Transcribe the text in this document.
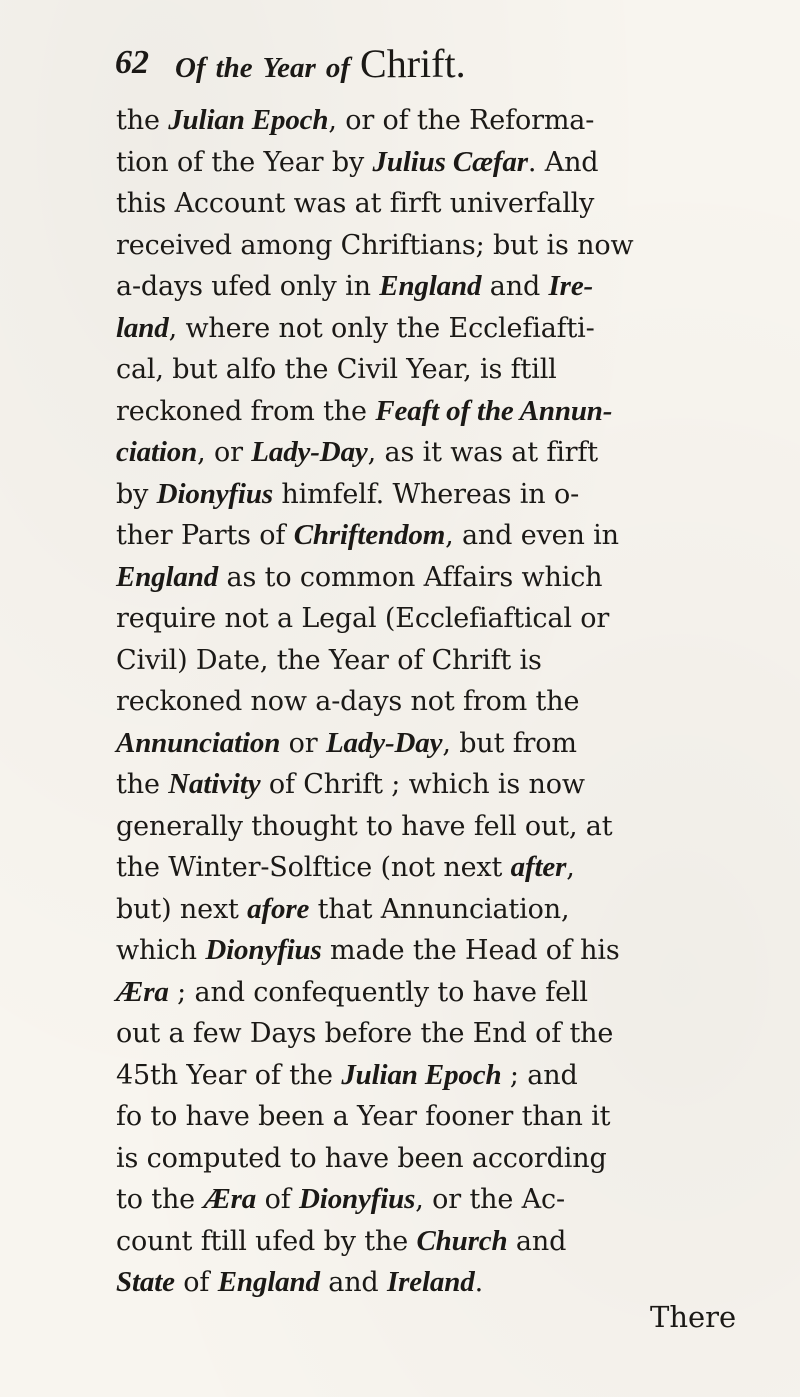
62 Of the Year of Chrift.
the Julian Epoch, or of the Reforma-
tion of the Year by Julius Cæfar. And
this Account was at firft univerfally
received among Chriftians; but is now
a-days ufed only in England and Ire-
land, where not only the Ecclefiafti-
cal, but alfo the Civil Year, is ftill
reckoned from the Feaft of the Annun-
ciation, or Lady-Day, as it was at firft
by Dionyfius himfelf. Whereas in o-
ther Parts of Chriftendom, and even in
England as to common Affairs which
require not a Legal (Ecclefiaftical or
Civil) Date, the Year of Chrift is
reckoned now a-days not from the
Annunciation or Lady-Day, but from
the Nativity of Chrift ; which is now
generally thought to have fell out, at
the Winter-Solftice (not next after,
but) next afore that Annunciation,
which Dionyfius made the Head of his
Æra ; and confequently to have fell
out a few Days before the End of the
45th Year of the Julian Epoch ; and
fo to have been a Year fooner than it
is computed to have been according
to the Æra of Dionyfius, or the Ac-
count ftill ufed by the Church and
State of England and Ireland.
There
